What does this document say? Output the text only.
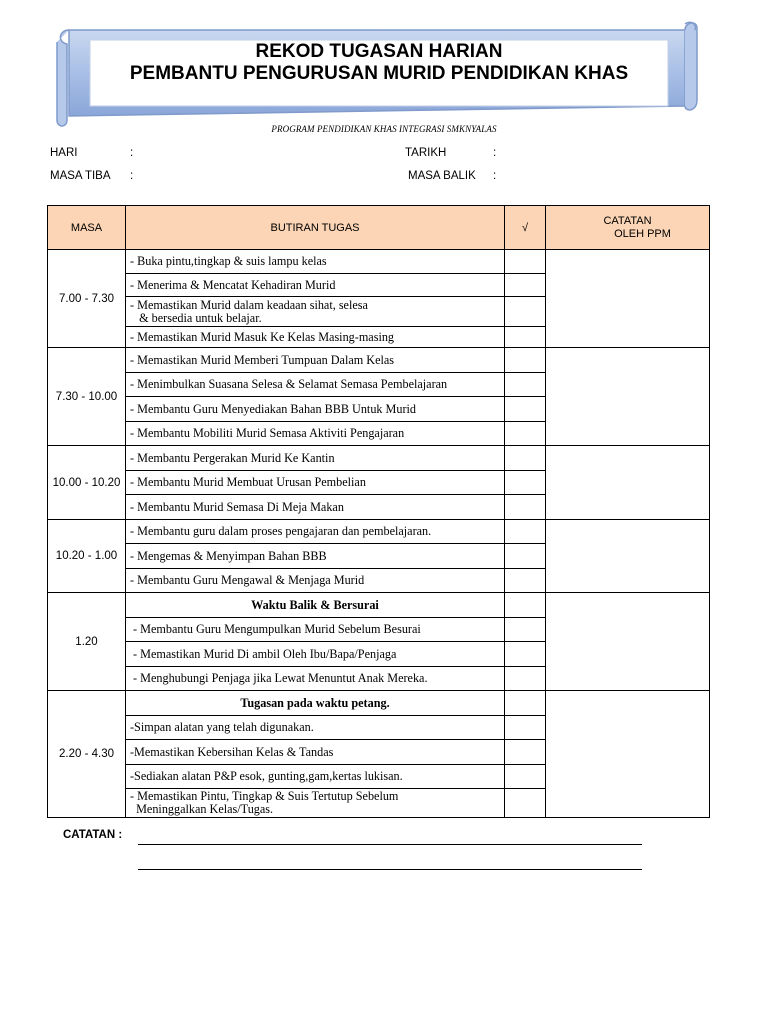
REKOD TUGASAN HARIAN
PEMBANTU PENGURUSAN MURID PENDIDIKAN KHAS
PROGRAM PENDIDIKAN KHAS INTEGRASI SMKNYALAS
HARI	:	TARIKH	:
MASA TIBA :	MASA BALIK :
MASA	BUTIRAN TUGAS	√	CATATAN
OLEH PPM

7.00 - 7.30	- Buka pintu,tingkap & suis lampu kelas		
	- Menerima & Mencatat Kehadiran Murid		

	- Memastikan Murid dalam keadaan sihat, selesa
& bersedia untuk belajar.		

	- Memastikan Murid Masuk Ke Kelas Masing-masing		
7.30 - 10.00	- Memastikan Murid Memberi Tumpuan Dalam Kelas		
	- Menimbulkan Suasana Selesa & Selamat Semasa Pembelajaran		
	- Membantu Guru Menyediakan Bahan BBB Untuk Murid		
	- Membantu Mobiliti Murid Semasa Aktiviti Pengajaran		
10.00 - 10.20	- Membantu Pergerakan Murid Ke Kantin		
	- Membantu Murid Membuat Urusan Pembelian		
	- Membantu Murid Semasa Di Meja Makan		
10.20 - 1.00	- Membantu guru dalam proses pengajaran dan pembelajaran.		
	- Mengemas & Menyimpan Bahan BBB		
	- Membantu Guru Mengawal & Menjaga Murid		
1.20	Waktu Balik & Bersurai		
	- Membantu Guru Mengumpulkan Murid Sebelum Besurai		
	- Memastikan Murid Di ambil Oleh Ibu/Bapa/Penjaga		
	- Menghubungi Penjaga jika Lewat Menuntut Anak Mereka.		
2.20 - 4.30	Tugasan pada waktu petang.		
	-Simpan alatan yang telah digunakan.		
	-Memastikan Kebersihan Kelas & Tandas		
	-Sediakan alatan P&P esok, gunting,gam,kertas lukisan.		

	- Memastikan Pintu, Tingkap & Suis Tertutup Sebelum
Meninggalkan Kelas/Tugas.		

CATATAN :
